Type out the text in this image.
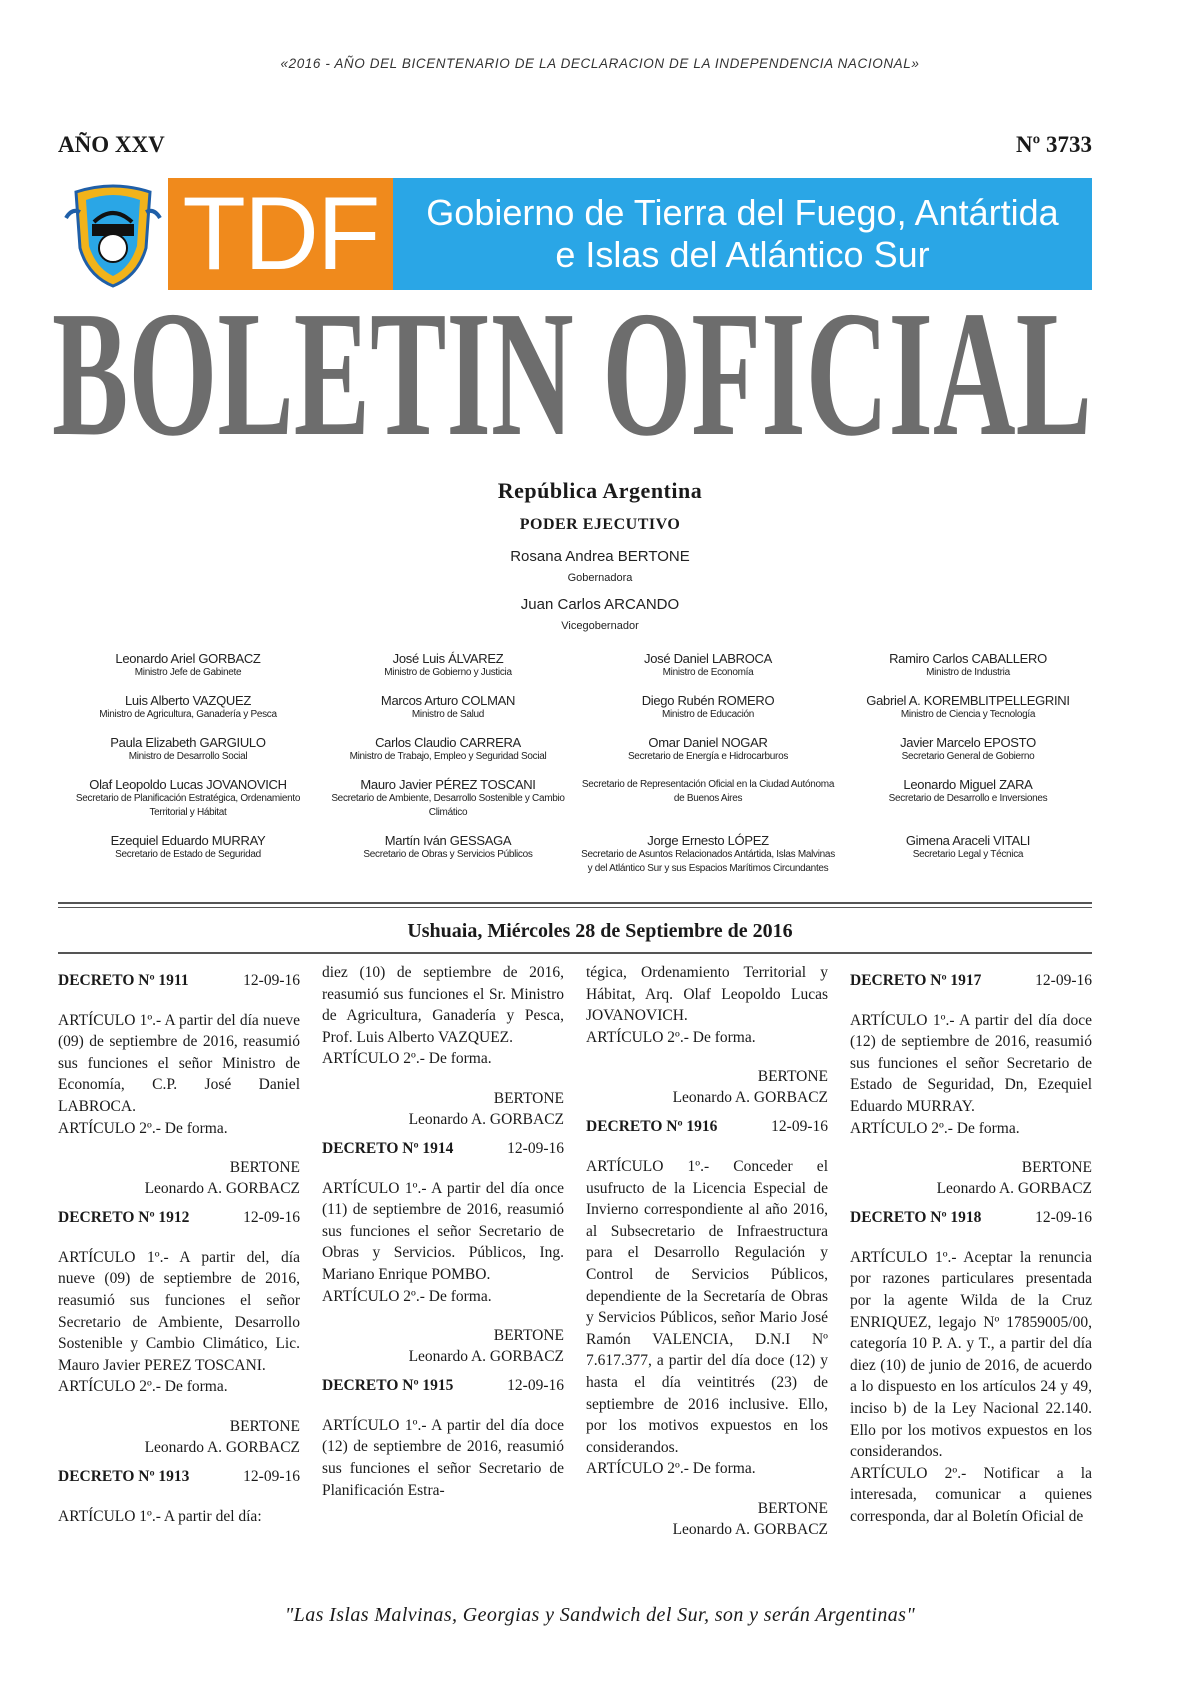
«2016 - AÑO DEL BICENTENARIO DE LA DECLARACION DE LA INDEPENDENCIA NACIONAL»
AÑO XXV	Nº 3733
TDF	Gobierno de Tierra del Fuego, Antártida
e Islas del Atlántico Sur
BOLETIN OFICIAL
República Argentina
PODER EJECUTIVO
Rosana Andrea BERTONE
Gobernadora
Juan Carlos ARCANDO
Vicegobernador
Leonardo Ariel GORBACZ
Ministro Jefe de Gabinete
José Luis ÁLVAREZ
Ministro de Gobierno y Justicia
José Daniel LABROCA
Ministro de Economía
Ramiro Carlos CABALLERO
Ministro de Industria
Luis Alberto VAZQUEZ
Ministro de Agricultura, Ganadería y Pesca
Marcos Arturo COLMAN
Ministro de Salud
Diego Rubén ROMERO
Ministro de Educación
Gabriel A. KOREMBLITPELLEGRINI
Ministro de Ciencia y Tecnología
Paula Elizabeth GARGIULO
Ministro de Desarrollo Social
Carlos Claudio CARRERA
Ministro de Trabajo, Empleo y Seguridad Social
Omar Daniel NOGAR
Secretario de Energía e Hidrocarburos
Javier Marcelo EPOSTO
Secretario General de Gobierno
Olaf Leopoldo Lucas JOVANOVICH
Secretario de Planificación Estratégica, Ordenamiento Territorial y Hábitat
Mauro Javier PÉREZ TOSCANI
Secretario de Ambiente, Desarrollo Sostenible y Cambio Climático
Secretario de Representación Oficial en la Ciudad Autónoma de Buenos Aires
Leonardo Miguel ZARA
Secretario de Desarrollo e Inversiones
Ezequiel Eduardo MURRAY
Secretario de Estado de Seguridad
Martín Iván GESSAGA
Secretario de Obras y Servicios Públicos
Jorge Ernesto LÓPEZ
Secretario de Asuntos Relacionados Antártida, Islas Malvinas y del Atlántico Sur y sus Espacios Marítimos Circundantes
Gimena Araceli VITALI
Secretario Legal y Técnica
Ushuaia, Miércoles 28 de Septiembre de 2016
DECRETO Nº 1911	12-09-16

ARTÍCULO 1º.- A partir del día nueve (09) de septiembre de 2016, reasumió sus funciones el señor Ministro de Economía, C.P. José Daniel LABROCA.

ARTÍCULO 2º.- De forma.

BERTONE
Leonardo A. GORBACZ
DECRETO Nº 1912	12-09-16

ARTÍCULO 1º.- A partir del, día nueve (09) de septiembre de 2016, reasumió sus funciones el señor Secretario de Ambiente, Desarrollo Sostenible y Cambio Climático, Lic. Mauro Javier PEREZ TOSCANI.

ARTÍCULO 2º.- De forma.

BERTONE
Leonardo A. GORBACZ
DECRETO Nº 1913	12-09-16

ARTÍCULO 1º.- A partir del día:

diez (10) de septiembre de 2016, reasumió sus funciones el Sr. Ministro de Agricultura, Ganadería y Pesca, Prof. Luis Alberto VAZQUEZ.

ARTÍCULO 2º.- De forma.

BERTONE
Leonardo A. GORBACZ
DECRETO Nº 1914	12-09-16

ARTÍCULO 1º.- A partir del día once (11) de septiembre de 2016, reasumió sus funciones el señor Secretario de Obras y Servicios. Públicos, Ing. Mariano Enrique POMBO.

ARTÍCULO 2º.- De forma.

BERTONE
Leonardo A. GORBACZ
DECRETO Nº 1915	12-09-16

ARTÍCULO 1º.- A partir del día doce (12) de septiembre de 2016, reasumió sus funciones el señor Secretario de Planificación Estra-

tégica, Ordenamiento Territorial y Hábitat, Arq. Olaf Leopoldo Lucas JOVANOVICH.

ARTÍCULO 2º.- De forma.

BERTONE
Leonardo A. GORBACZ
DECRETO Nº 1916	12-09-16

ARTÍCULO 1º.- Conceder el usufructo de la Licencia Especial de Invierno correspondiente al año 2016, al Subsecretario de Infraestructura para el Desarrollo Regulación y Control de Servicios Públicos, dependiente de la Secretaría de Obras y Servicios Públicos, señor Mario José Ramón VALENCIA, D.N.I Nº 7.617.377, a partir del día doce (12) y hasta el día veintitrés (23) de septiembre de 2016 inclusive. Ello, por los motivos expuestos en los considerandos.

ARTÍCULO 2º.- De forma.

BERTONE
Leonardo A. GORBACZ
DECRETO Nº 1917	12-09-16

ARTÍCULO 1º.- A partir del día doce (12) de septiembre de 2016, reasumió sus funciones el señor Secretario de Estado de Seguridad, Dn, Ezequiel Eduardo MURRAY.

ARTÍCULO 2º.- De forma.

BERTONE
Leonardo A. GORBACZ
DECRETO Nº 1918	12-09-16

ARTÍCULO 1º.- Aceptar la renuncia por razones particulares presentada por la agente Wilda de la Cruz ENRIQUEZ, legajo Nº 17859005/00, categoría 10 P. A. y T., a partir del día diez (10) de junio de 2016, de acuerdo a lo dispuesto en los artículos 24 y 49, inciso b) de la Ley Nacional 22.140. Ello por los motivos expuestos en los considerandos.

ARTÍCULO 2º.- Notificar a la interesada, comunicar a quienes corresponda, dar al Boletín Oficial de

"Las Islas Malvinas, Georgias y Sandwich del Sur, son y serán Argentinas"
